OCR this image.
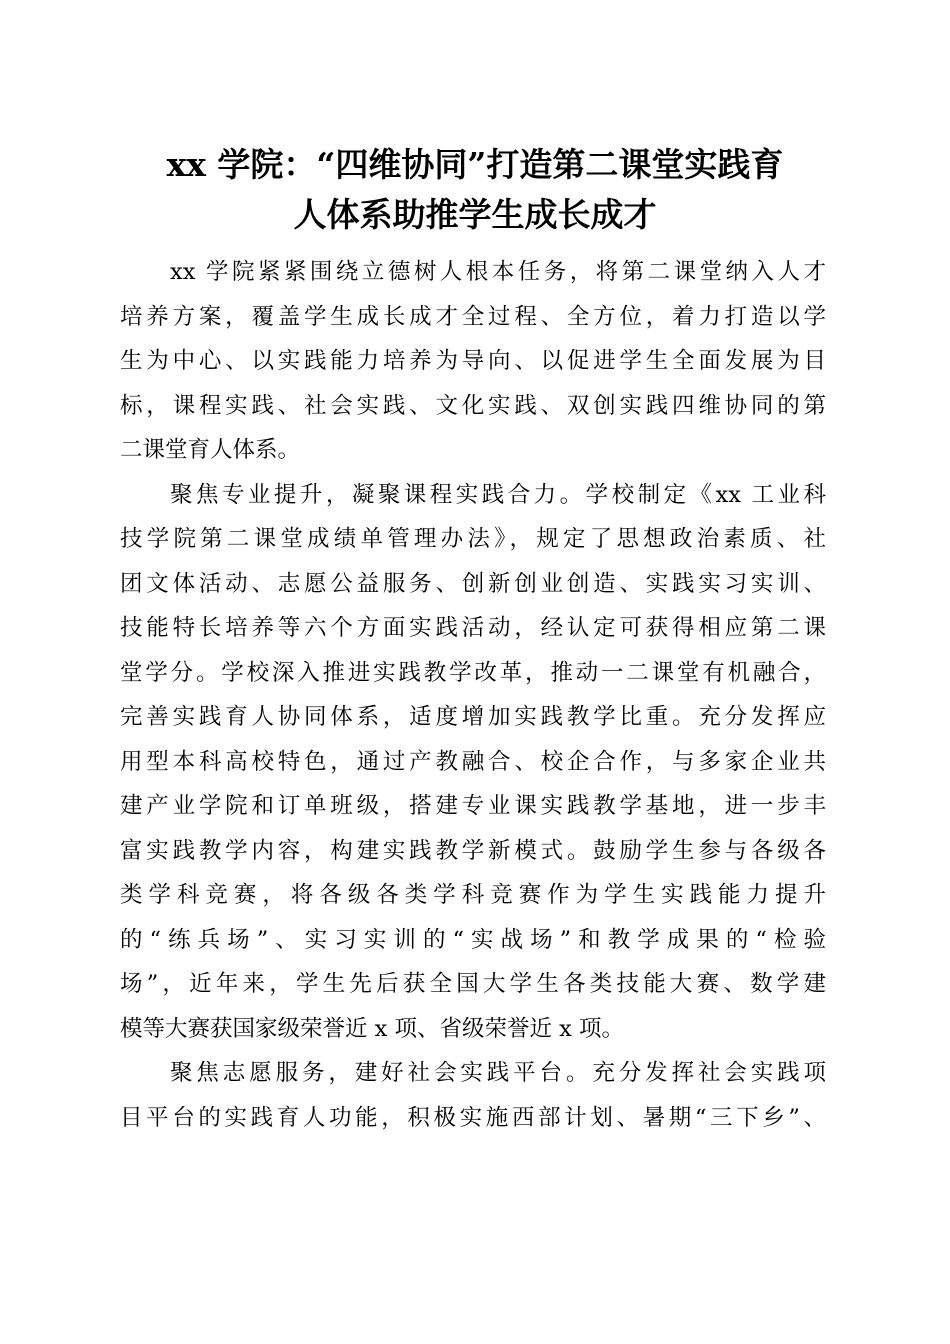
xx 学院：“四维协同”打造第二课堂实践育
人体系助推学生成长成才
xx 学院紧紧围绕立德树人根本任务，将第二课堂纳入人才
培养方案，覆盖学生成长成才全过程、全方位，着力打造以学
生为中心、以实践能力培养为导向、以促进学生全面发展为目
标，课程实践、社会实践、文化实践、双创实践四维协同的第
二课堂育人体系。
聚焦专业提升，凝聚课程实践合力。学校制定《xx 工业科
技学院第二课堂成绩单管理办法》，规定了思想政治素质、社
团文体活动、志愿公益服务、创新创业创造、实践实习实训、
技能特长培养等六个方面实践活动，经认定可获得相应第二课
堂学分。学校深入推进实践教学改革，推动一二课堂有机融合，
完善实践育人协同体系，适度增加实践教学比重。充分发挥应
用型本科高校特色，通过产教融合、校企合作，与多家企业共
建产业学院和订单班级，搭建专业课实践教学基地，进一步丰
富实践教学内容，构建实践教学新模式。鼓励学生参与各级各
类学科竞赛，将各级各类学科竞赛作为学生实践能力提升
的“练兵场”、实习实训的“实战场”和教学成果的“检验
场”，近年来，学生先后获全国大学生各类技能大赛、数学建
模等大赛获国家级荣誉近 x 项、省级荣誉近 x 项。
聚焦志愿服务，建好社会实践平台。充分发挥社会实践项
目平台的实践育人功能，积极实施西部计划、暑期“三下乡”、
